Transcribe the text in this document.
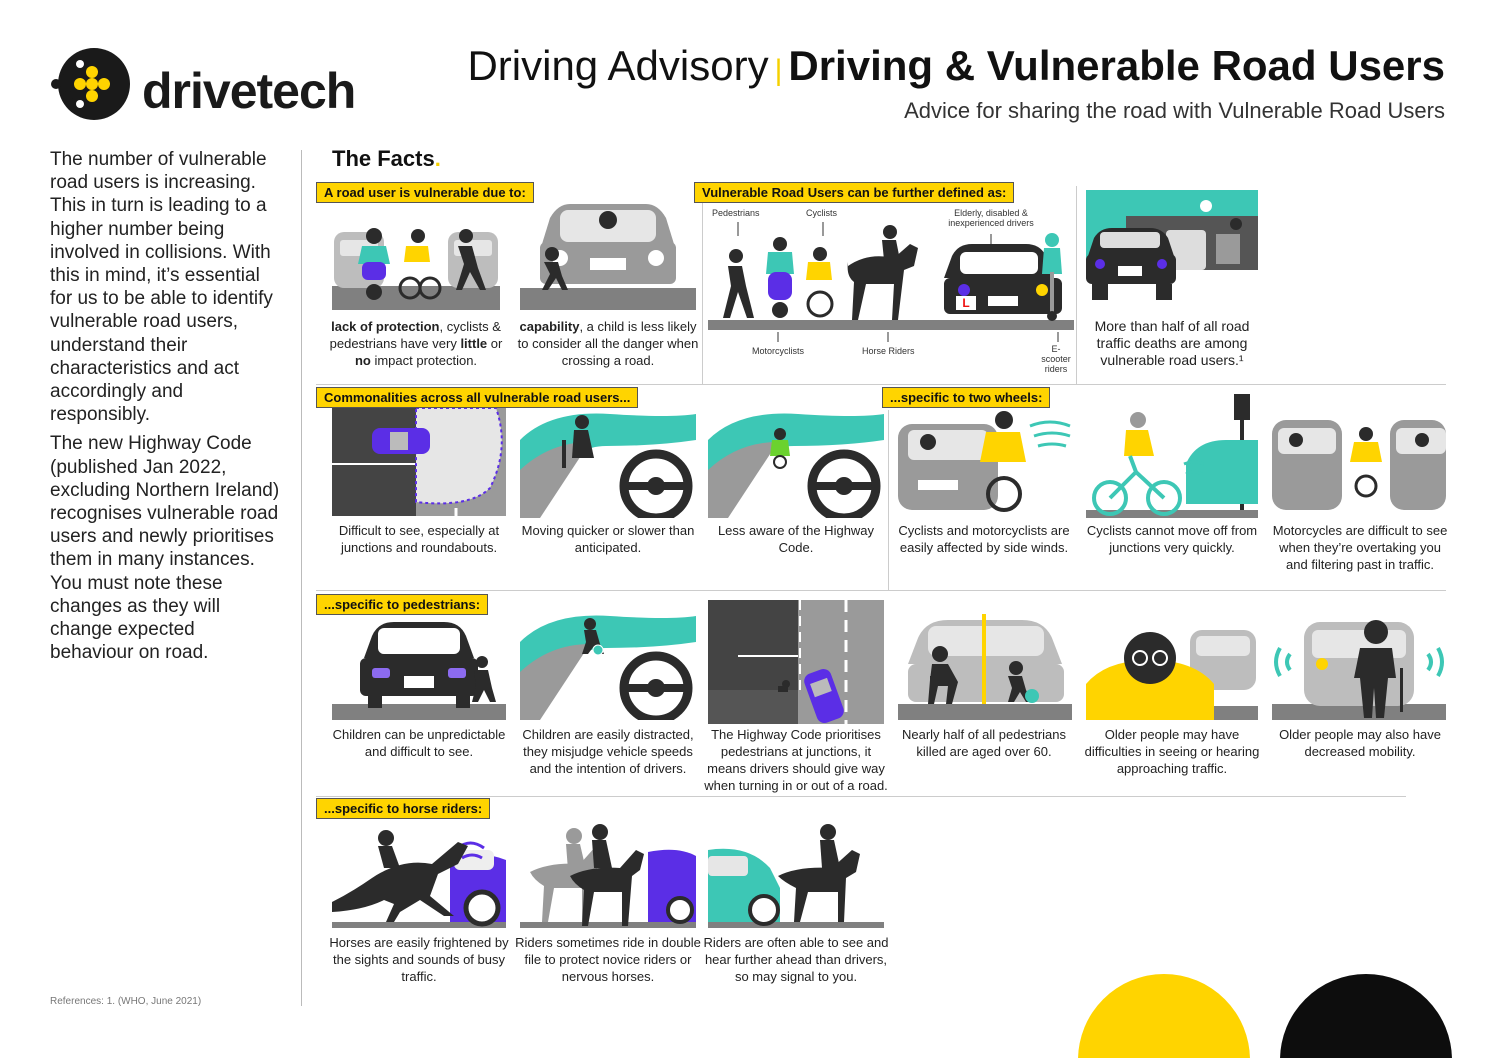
drivetech	Driving Advisory | Driving & Vulnerable Road Users
Advice for sharing the road with Vulnerable Road Users

The number of vulnerable road users is increasing. This in turn is leading to a higher number being involved in collisions. With this in mind, it’s essential for us to be able to identify vulnerable road users, understand their characteristics and act accordingly and responsibly.

The new Highway Code (published Jan 2022, excluding Northern Ireland) recognises vulnerable road users and newly prioritises them in many instances. You must note these changes as they will change expected behaviour on road.

References: 1. (WHO, June 2021)
The Facts.
A road user is vulnerable due to:
lack of protection, cyclists & pedestrians have very little or no impact protection.
capability, a child is less likely to consider all the danger when crossing a road.
Vulnerable Road Users can be further defined as:
Pedestrians	Cyclists	Elderly, disabled & inexperienced drivers
L
Motorcyclists	Horse Riders	E-scooter riders
More than half of all road traffic deaths are among vulnerable road users.¹
Commonalities across all vulnerable road users...	...specific to two wheels:
Difficult to see, especially at junctions and roundabouts.
Moving quicker or slower than anticipated.
Less aware of the Highway Code.
Cyclists and motorcyclists are easily affected by side winds.
Cyclists cannot move off from junctions very quickly.
Motorcycles are difficult to see when they’re overtaking you and filtering past in traffic.
...specific to pedestrians:
Children can be unpredictable and difficult to see.
Children are easily distracted, they misjudge vehicle speeds and the intention of drivers.
The Highway Code prioritises pedestrians at junctions, it means drivers should give way when turning in or out of a road.
Nearly half of all pedestrians killed are aged over 60.
Older people may have difficulties in seeing or hearing approaching traffic.
Older people may also have decreased mobility.
...specific to horse riders:
Horses are easily frightened by the sights and sounds of busy traffic.
Riders sometimes ride in double file to protect novice riders or nervous horses.
Riders are often able to see and hear further ahead than drivers, so may signal to you.
